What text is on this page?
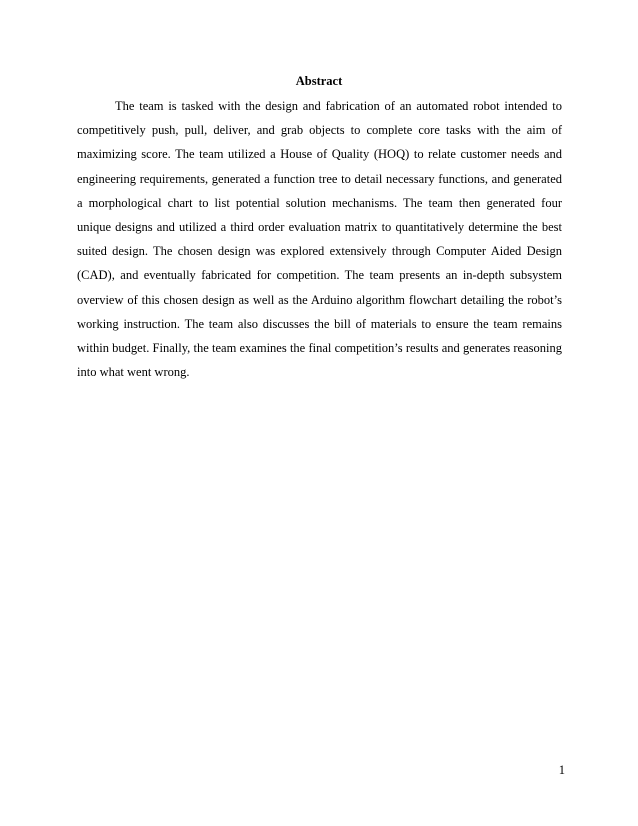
Abstract

The team is tasked with the design and fabrication of an automated robot intended to competitively push, pull, deliver, and grab objects to complete core tasks with the aim of maximizing score. The team utilized a House of Quality (HOQ) to relate customer needs and engineering requirements, generated a function tree to detail necessary functions, and generated a morphological chart to list potential solution mechanisms. The team then generated four unique designs and utilized a third order evaluation matrix to quantitatively determine the best suited design. The chosen design was explored extensively through Computer Aided Design (CAD), and eventually fabricated for competition. The team presents an in-depth subsystem overview of this chosen design as well as the Arduino algorithm flowchart detailing the robot’s working instruction. The team also discusses the bill of materials to ensure the team remains within budget. Finally, the team examines the final competition’s results and generates reasoning into what went wrong.

1
